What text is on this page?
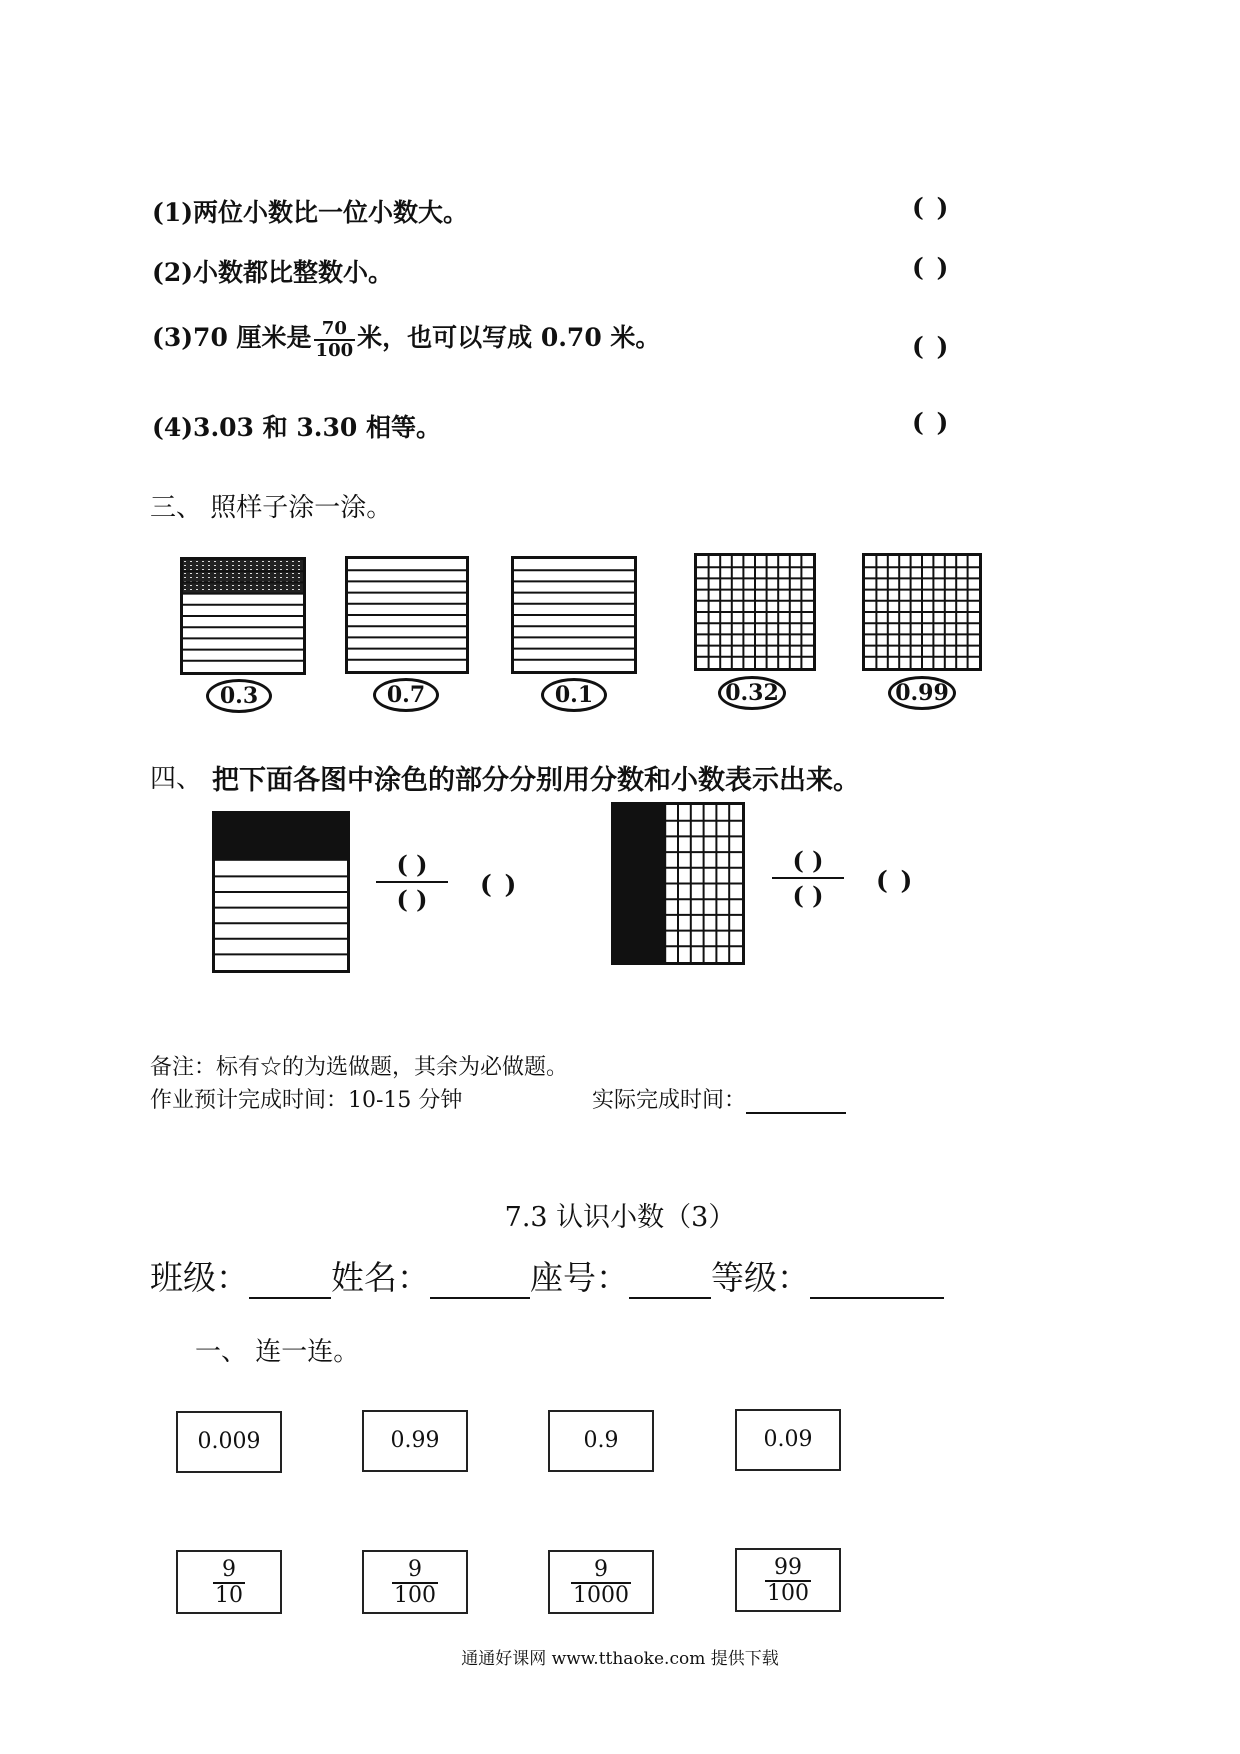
(1)两位小数比一位小数大。	( )
(2)小数都比整数小。	( )
(3)70 厘米是 $\frac{70}{100}$ 米，也可以写成 0.70 米。	( )
(4)3.03 和 3.30 相等。	( )
三、 照样子涂一涂。
0.3	0.7	0.1	0.32	0.99
四、 把下面各图中涂色的部分分别用分数和小数表示出来。
( )
( )
( )
( )
( )
( )
备注：标有☆的为选做题，其余为必做题。
作业预计完成时间：10-15 分钟	实际完成时间：
7.3 认识小数（3）
班级： 姓名：	座号： 等级：
一、 连一连。
0.009	0.99	0.9	0.09
$\frac{9}{10}$	$\frac{9}{100}$	$\frac{9}{1000}$	$\frac{99}{100}$
通通好课网 www.tthaoke.com 提供下载
